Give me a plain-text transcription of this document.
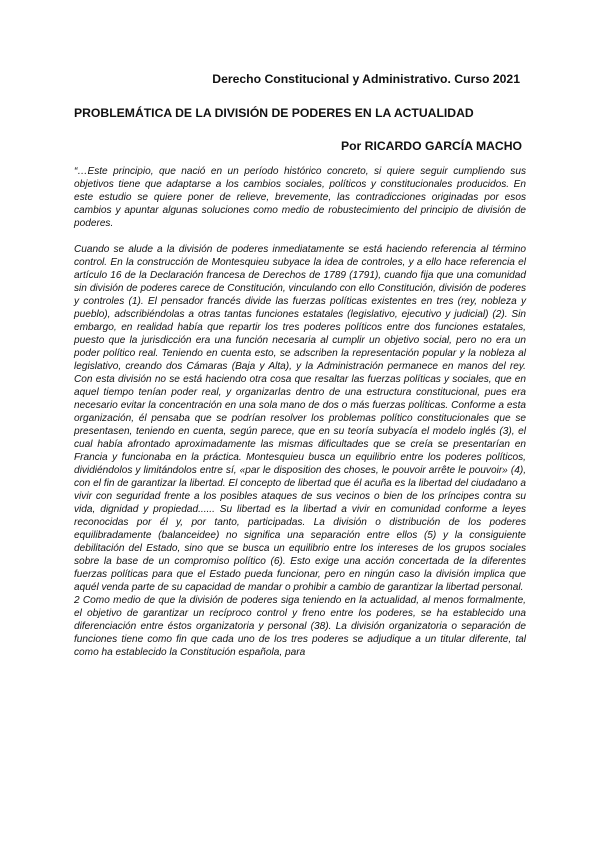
Derecho Constitucional y Administrativo. Curso 2021

PROBLEMÁTICA DE LA DIVISIÓN DE PODERES EN LA ACTUALIDAD

Por RICARDO GARCÍA MACHO

“…Este principio, que nació en un período histórico concreto, si quiere seguir cumpliendo sus objetivos tiene que adaptarse a los cambios sociales, políticos y constitucionales producidos. En este estudio se quiere poner de relieve, brevemente, las contradicciones originadas por esos cambios y apuntar algunas soluciones como medio de robustecimiento del principio de división de poderes.

Cuando se alude a la división de poderes inmediatamente se está haciendo referencia al término control. En la construcción de Montesquieu subyace la idea de controles, y a ello hace referencia el artículo 16 de la Declaración francesa de Derechos de 1789 (1791), cuando fija que una comunidad sin división de poderes carece de Constitución, vinculando con ello Constitución, división de poderes y controles (1). El pensador francés divide las fuerzas políticas existentes en tres (rey, nobleza y pueblo), adscribiéndolas a otras tantas funciones estatales (legislativo, ejecutivo y judicial) (2). Sin embargo, en realidad había que repartir los tres poderes políticos entre dos funciones estatales, puesto que la jurisdicción era una función necesaria al cumplir un objetivo social, pero no era un poder político real. Teniendo en cuenta esto, se adscriben la representación popular y la nobleza al legislativo, creando dos Cámaras (Baja y Alta), y la Administración permanece en manos del rey. Con esta división no se está haciendo otra cosa que resaltar las fuerzas políticas y sociales, que en aquel tiempo tenían poder real, y organizarlas dentro de una estructura constitucional, pues era necesario evitar la concentración en una sola mano de dos o más fuerzas políticas. Conforme a esta organización, él pensaba que se podrían resolver los problemas político constitucionales que se presentasen, teniendo en cuenta, según parece, que en su teoría subyacía el modelo inglés (3), el cual había afrontado aproximadamente las mismas dificultades que se creía se presentarían en Francia y funcionaba en la práctica. Montesquieu busca un equilibrio entre los poderes políticos, dividiéndolos y limitándolos entre sí, «par le disposition des choses, le pouvoir arrête le pouvoir» (4), con el fin de garantizar la libertad. El concepto de libertad que él acuña es la libertad del ciudadano a vivir con seguridad frente a los posibles ataques de sus vecinos o bien de los príncipes contra su vida, dignidad y propiedad...... Su libertad es la libertad a vivir en comunidad conforme a leyes reconocidas por él y, por tanto, participadas. La división o distribución de los poderes equilibradamente (balanceidee) no significa una separación entre ellos (5) y la consiguiente debilitación del Estado, sino que se busca un equilibrio entre los intereses de los grupos sociales sobre la base de un compromiso político (6). Esto exige una acción concertada de la diferentes fuerzas políticas para que el Estado pueda funcionar, pero en ningún caso la división implica que aquél venda parte de su capacidad de mandar o prohibir a cambio de garantizar la libertad personal.

2 Como medio de que la división de poderes siga teniendo en la actualidad, al menos formalmente, el objetivo de garantizar un recíproco control y freno entre los poderes, se ha establecido una diferenciación entre éstos organizatoria y personal (38). La división organizatoria o separación de funciones tiene como fin que cada uno de los tres poderes se adjudique a un titular diferente, tal como ha establecido la Constitución española, para
